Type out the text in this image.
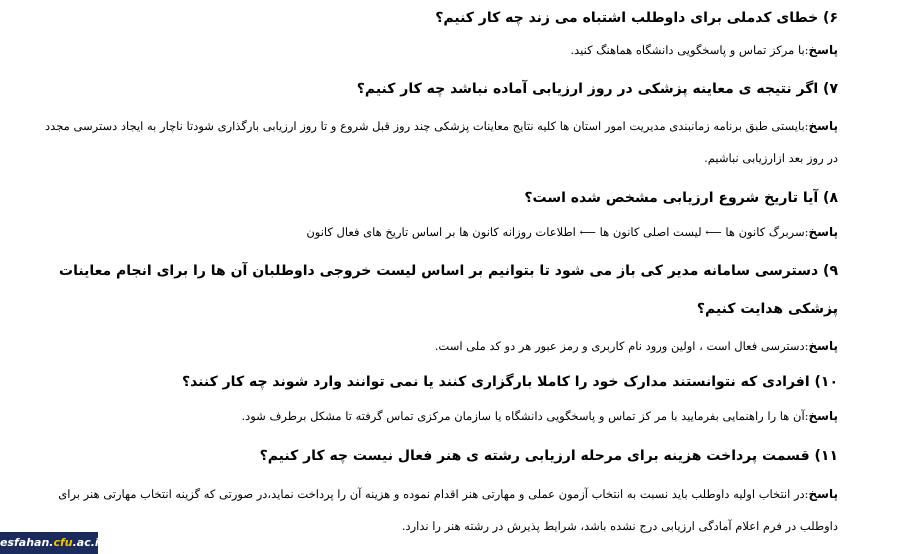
۶) خطای کدملی برای داوطلب اشتباه می زند چه کار کنیم؟
پاسخ:با مرکز تماس و پاسخگویی دانشگاه هماهنگ کنید.
۷) اگر نتیجه ی معاینه پزشکی در روز ارزیابی آماده نباشد چه کار کنیم؟
پاسخ:بایستی طبق برنامه زمانبندی مدیریت امور استان ها کلیه نتایج معاینات پزشکی چند روز قبل شروع و تا روز ارزیابی بارگذاری شودتا ناچار به ایجاد دسترسی مجدد در روز بعد ازارزیابی نباشیم.
۸) آیا تاریخ شروع ارزیابی مشخص شده است؟
پاسخ:سربرگ کانون ها ⟵ لیست اصلی کانون ها ⟵ اطلاعات روزانه کانون ها بر اساس تاریخ های فعال کانون
۹) دسترسی سامانه مدیر کی باز می شود تا بتوانیم بر اساس لیست خروجی داوطلبان آن ها را برای انجام معاینات پزشکی هدایت کنیم؟
پاسخ:دسترسی فعال است ، اولین ورود نام کاربری و رمز عبور هر دو کد ملی است.
۱۰) افرادی که نتوانستند مدارک خود را کاملا بارگزاری کنند یا نمی توانند وارد شوند چه کار کنند؟
پاسخ:آن ها را راهنمایی بفرمایید با مر کز تماس و پاسخگویی دانشگاه یا سازمان مرکزی تماس گرفته تا مشکل برطرف شود.
۱۱) قسمت پرداخت هزینه برای مرحله ارزیابی رشته ی هنر فعال نیست چه کار کنیم؟
پاسخ:در انتخاب اولیه داوطلب باید نسبت به انتخاب آزمون عملی و مهارتی هنر اقدام نموده و هزینه آن را پرداخت نماید،در صورتی که گزینه انتخاب مهارتی هنر برای داوطلب در فرم اعلام آمادگی ارزیابی درج نشده باشد، شرایط پذیرش در رشته هنر را ندارد.
esfahan.cfu.ac.ir
